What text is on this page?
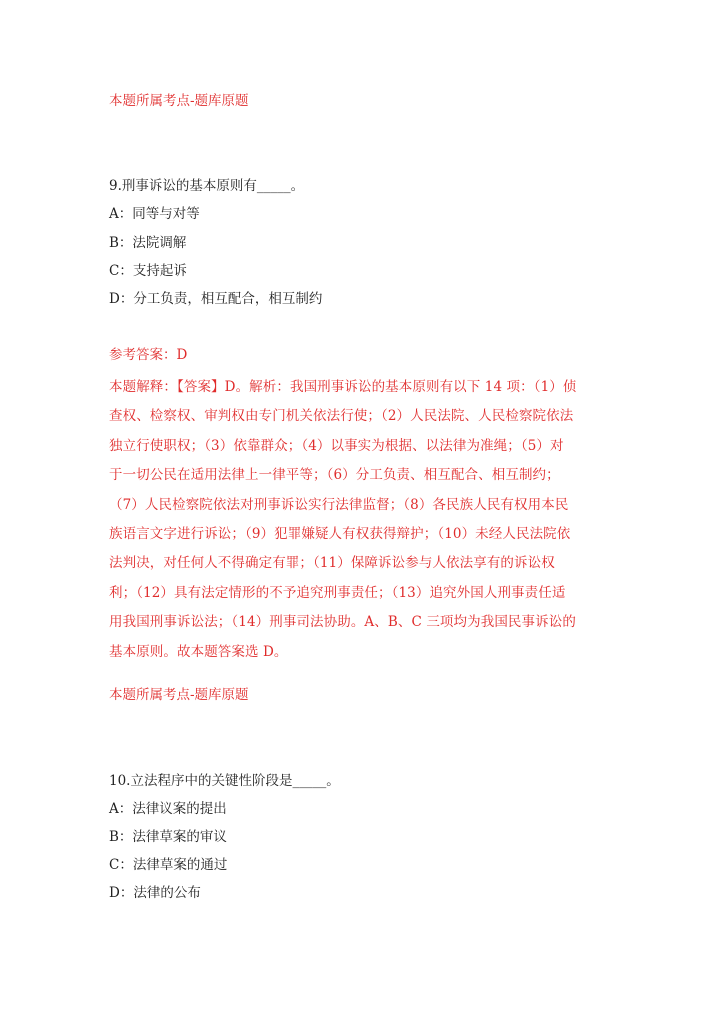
本题所属考点-题库原题

9.刑事诉讼的基本原则有_____。

A：同等与对等

B：法院调解

C：支持起诉

D：分工负责，相互配合，相互制约

参考答案：D

本题解释：【答案】D。解析：我国刑事诉讼的基本原则有以下 14 项：（1）侦
查权、检察权、审判权由专门机关依法行使；（2）人民法院、人民检察院依法
独立行使职权；（3）依靠群众；（4）以事实为根据、以法律为准绳；（5）对
于一切公民在适用法律上一律平等；（6）分工负责、相互配合、相互制约；
（7）人民检察院依法对刑事诉讼实行法律监督；（8）各民族人民有权用本民
族语言文字进行诉讼；（9）犯罪嫌疑人有权获得辩护；（10）未经人民法院依
法判决，对任何人不得确定有罪；（11）保障诉讼参与人依法享有的诉讼权
利；（12）具有法定情形的不予追究刑事责任；（13）追究外国人刑事责任适
用我国刑事诉讼法；（14）刑事司法协助。A、B、C 三项均为我国民事诉讼的
基本原则。故本题答案选 D。

本题所属考点-题库原题

10.立法程序中的关键性阶段是_____。

A：法律议案的提出

B：法律草案的审议

C：法律草案的通过

D：法律的公布
